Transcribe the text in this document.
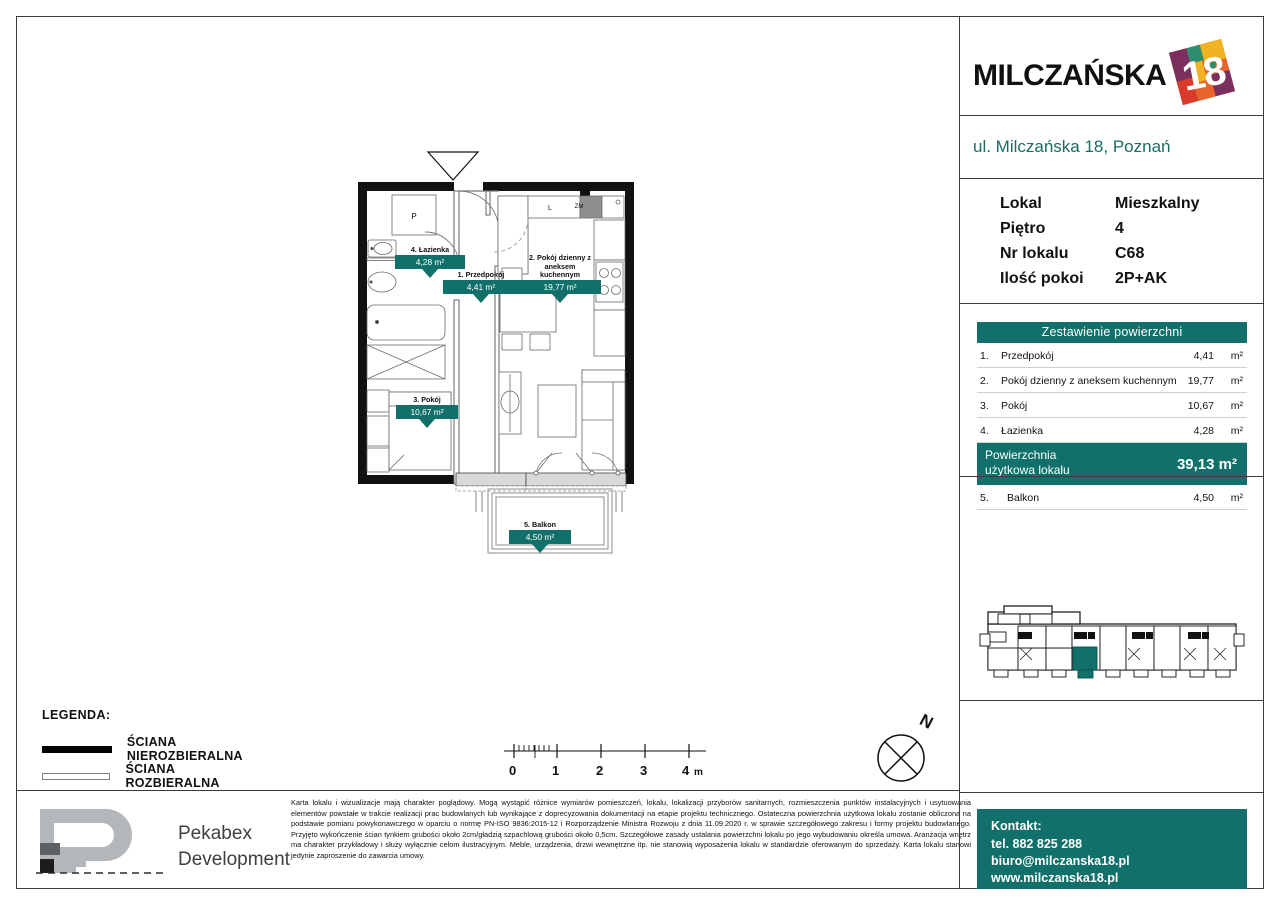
P
L	ZM
4. Łazienka
4,28 m²
1. Przedpokój
4,41 m²
2. Pokój dzienny z
aneksem
kuchennym
19,77 m²
3. Pokój
10,67 m²
5. Balkon
4,50 m²
LEGENDA:
ŚCIANA NIEROZBIERALNA
ŚCIANA ROZBIERALNA
0	1	2	3	4 m
N
Pekabex
Development
Karta lokalu i wizualizacje mają charakter poglądowy. Mogą wystąpić różnice wymiarów pomieszczeń, lokalu, lokalizacji przyborów sanitarnych, rozmieszczenia punktów instalacyjnych i usytuowania elementów powstałe w trakcie realizacji prac budowlanych lub wynikające z doprecyzowania dokumentacji na etapie projektu technicznego. Ostateczna powierzchnia użytkowa lokalu zostanie obliczona na podstawie pomiaru powykonawczego w oparciu o normę PN-ISO 9836:2015-12 i Rozporządzenie Ministra Rozwoju z dnia 11.09.2020 r. w sprawie szczegółowego zakresu i formy projektu budowlanego. Przyjęto wykończenie ścian tynkiem grubości około 2cm/gładzią szpachlową grubości około 0,5cm. Szczegółowe zasady ustalania powierzchni lokalu po jego wybudowaniu określa umowa. Aranżacja wnętrz ma charakter przykładowy i służy wyłącznie celom ilustracyjnym. Meble, urządzenia, drzwi wewnętrzne itp. nie stanowią wyposażenia lokalu w standardzie oferowanym do sprzedaży. Karta lokalu stanowi jedynie zaproszenie do zawarcia umowy.
MILCZAŃSKA 18
ul. Milczańska 18, Poznań
Lokal	Mieszkalny
Piętro	4
Nr lokalu	C68
Ilość pokoi 2P+AK
Zestawienie powierzchni
1. Przedpokój	4,41 m²
2. Pokój dzienny z aneksem kuchennym 19,77 m²
3. Pokój	10,67 m²
4. Łazienka	4,28 m²
Powierzchnia
użytkowa lokalu	39,13 m²
5. Balkon	4,50 m²
Kontakt:
tel. 882 825 288
biuro@milczanska18.pl
www.milczanska18.pl
